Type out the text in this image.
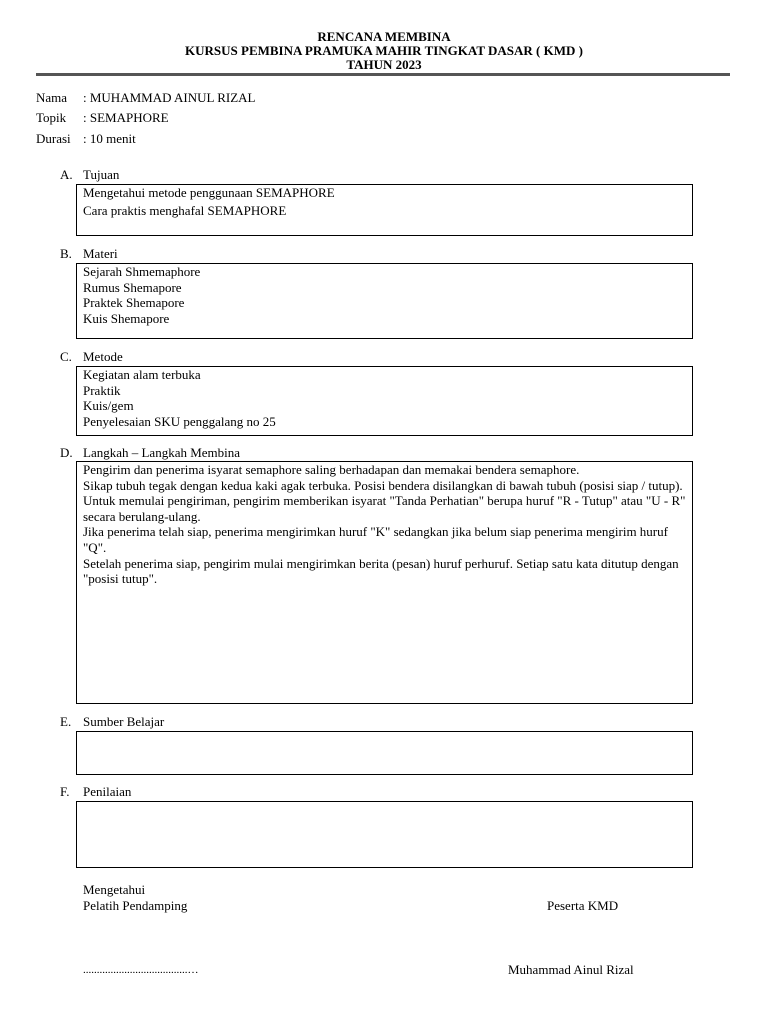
RENCANA MEMBINA
KURSUS PEMBINA PRAMUKA MAHIR TINGKAT DASAR ( KMD )
TAHUN 2023
Nama : MUHAMMAD AINUL RIZAL
Topik : SEMAPHORE
Durasi : 10 menit
A. Tujuan
Mengetahui metode penggunaan SEMAPHORE
Cara praktis menghafal SEMAPHORE
B. Materi
Sejarah Shmemaphore
Rumus Shemapore
Praktek Shemapore
Kuis Shemapore
C. Metode
Kegiatan alam terbuka
Praktik
Kuis/gem
Penyelesaian SKU penggalang no 25
D. Langkah – Langkah Membina
Pengirim dan penerima isyarat semaphore saling berhadapan dan memakai bendera semaphore.
Sikap tubuh tegak dengan kedua kaki agak terbuka. Posisi bendera disilangkan di bawah tubuh (posisi siap / tutup).
Untuk memulai pengiriman, pengirim memberikan isyarat "Tanda Perhatian" berupa huruf "R - Tutup" atau "U - R" secara berulang-ulang.
Jika penerima telah siap, penerima mengirimkan huruf "K" sedangkan jika belum siap penerima mengirim huruf "Q".
Setelah penerima siap, pengirim mulai mengirimkan berita (pesan) huruf perhuruf. Setiap satu kata ditutup dengan "posisi tutup".
E. Sumber Belajar
F. Penilaian
Mengetahui
Pelatih Pendamping	Peserta KMD
......................................…	Muhammad Ainul Rizal
